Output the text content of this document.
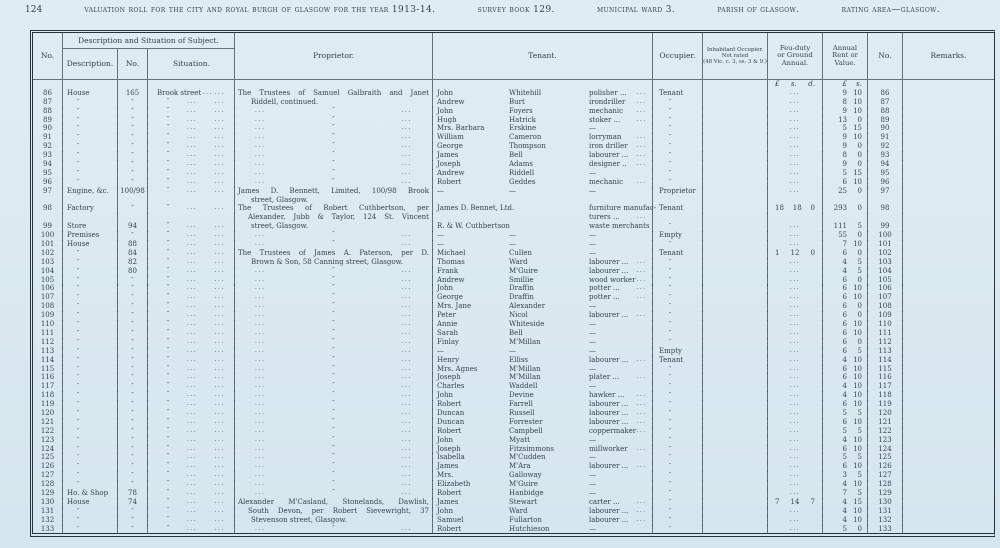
124	valuation roll for the city and royal burgh of glasgow for the year 1913-14.	survey book 129.	municipal ward 3.	parish of glasgow.	rating area—glasgow.
No.
Description and Situation of Subject.
Description.	No.	Situation.
Proprietor.	Tenant.	Occupier.
Inhabitant Occupier.
Not rated
(48 Vic. c. 3, ss. 3 & 9.)
Feu-duty
or Ground
Annual.
Annual
Rent or
Value.
No.	Remarks.
£ s. d.	£	s.
86	House	165	Brook street ... ...	The Trustees of Samuel Galbraith and Janet	John	Whitehill	polisher ...	...	Tenant	...	9 10	86
87	″	″	″	...	...	Riddell, continued.	Andrew	Burt	irondriller	...	″	...	8 10	87
88	″	″	″	...	...	...	″	...	John	Foyers	mechanic	...	″	...	9 10	88
89	″	″	″	...	...	...	″	...	Hugh	Hatrick	stoker ...	...	″	...	13	0	89
90	″	″	″	...	...	...	″	...	Mrs. Barbara	Erskine	—	″	...	5 15	90
91	″	″	″	...	...	...	″	...	William	Cameron	lorryman	...	″	...	9 10	91
92	″	″	″	...	...	...	″	...	George	Thompson	iron driller	...	″	...	9	0	92
93	″	″	″	...	...	...	″	...	James	Bell	labourer ...	...	″	...	8	0	93
94	″	″	″	...	...	...	″	...	Joseph	Adams	designer ..	...	″	...	9	0	94
95	″	″	″	...	...	...	″	...	Andrew	Riddell	—	″	...	5 15	95
96	″	″	″	...	...	...	″	...	Robert	Geddes	mechanic	...	″	...	6 10	96
97	Engine, &c.	100/98	″	...	...	James D. Bennett, Limited, 100/98 Brook	—	—	—	Proprietor	...	25	0	97
street, Glasgow.
98	Factory	″	″	...	...	The Trustees of Robert Cuthbertson, per	James D. Bennet, Ltd.	furniture manufac- Tenant	18 18 0	293	0	98
Alexander, Jubb & Taylor, 124 St. Vincent	turers ...	...
99	Store	94	″	...	...	street, Glasgow.	R. & W. Cuthbertson	waste merchants	″	...	111	5	99
100	Premises	″	″	...	...	...	″	...	—	—	—	Empty	...	55	0	100
101	House	88	″	...	...	...	″	...	—	—	—	″	...	7 10	101
102	″	84	″	...	...	The Trustees of James A. Paterson, per D.	Michael	Cullen	—	Tenant	1 12 0	6	0	102
103	″	82	″	...	...	Brown & Son, 58 Canning street, Glasgow.	Thomas	Ward	labourer ...	...	″	...	4	5	103
104	″	80	″	...	...	...	″	...	Frank	M'Guire	labourer ...	...	″	...	4	5	104
105	″	″	″	...	...	...	″	...	Andrew	Smillie	wood worker ...	″	...	6	0	105
106	″	″	″	...	...	...	″	...	John	Draffin	potter ...	...	″	...	6 10	106
107	″	″	″	...	...	...	″	...	George	Draffin	potter ...	...	″	...	6 10	107
108	″	″	″	...	...	...	″	...	Mrs. Jane	Alexander	—	″	...	6	0	108
109	″	″	″	...	...	...	″	...	Peter	Nicol	labourer ...	...	″	...	6	0	109
110	″	″	″	...	...	...	″	...	Annie	Whiteside	—	″	...	6 10	110
111	″	″	″	...	...	...	″	...	Sarah	Bell	—	″	...	6 10	111
112	″	″	″	...	...	...	″	...	Finlay	M'Millan	—	″	...	6	0	112
113	″	″	″	...	...	...	″	...	—	—	—	Empty	...	6	5	113
114	″	″	″	...	...	...	″	...	Henry	Elliss	labourer ...	...	Tenant	...	4 10	114
115	″	″	″	...	...	...	″	...	Mrs. Agnes	M'Millan	—	″	...	6 10	115
116	″	″	″	...	...	...	″	...	Joseph	M'Millan	plater ...	...	″	...	6 10	116
117	″	″	″	...	...	...	″	...	Charles	Waddell	—	″	...	4 10	117
118	″	″	″	...	...	...	″	...	John	Devine	hawker ...	...	″	...	4 10	118
119	″	″	″	...	...	...	″	...	Robert	Farrell	labourer ...	...	″	...	6 10	119
120	″	″	″	...	...	...	″	...	Duncan	Russell	labourer ...	...	″	...	5	5	120
121	″	″	″	...	...	...	″	...	Duncan	Forrester	labourer ...	...	″	...	6 10	121
122	″	″	″	...	...	...	″	...	Robert	Campbell	coppermaker ...	″	...	5	5	122
123	″	″	″	...	...	...	″	...	John	Myatt	—	″	...	4 10	123
124	″	″	″	...	...	...	″	...	Joseph	Fitzsimmons	millworker	...	″	...	6 10	124
125	″	″	″	...	...	...	″	...	Isabella	M'Cudden	—	″	...	5	5	125
126	″	″	″	...	...	...	″	...	James	M'Ara	labourer ...	...	″	...	6 10	126
127	″	″	″	...	...	...	″	...	Mrs.	Galloway	—	″	...	3	5	127
128	″	″	″	...	...	...	″	...	Elizabeth	M'Guire	—	″	...	4 10	128
129	Ho. & Shop	78	″	...	...	...	″	...	Robert	Hanbidge	—	″	...	7	5	129
130	House	74	″	...	...	Alexander M'Casland, Stonelands, Dawlish,	James	Stewart	carter ...	...	″	7 14 7	4 15	130
131	″	″	″	...	...	South Devon, per Robert Sievewright, 37	John	Ward	labourer ...	...	″	...	4 10	131
132	″	″	″	...	...	Stevenson street, Glasgow.	Samuel	Fullarton	labourer ...	...	″	...	4 10	132
133	″	″	″	...	...	...	″	...	Robert	Hutchieson	—	″	...	5	0	133
